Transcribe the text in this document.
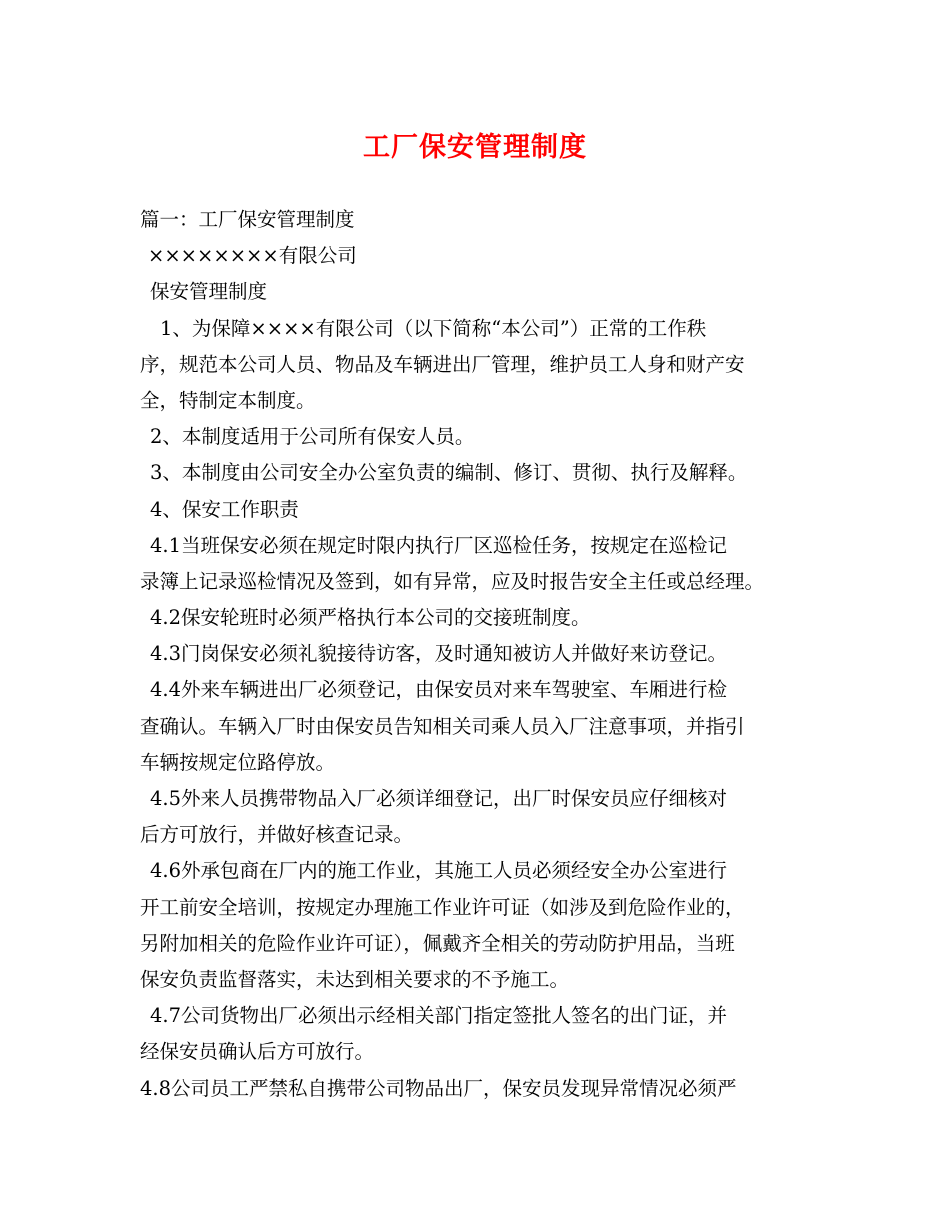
工厂保安管理制度
篇一：工厂保安管理制度
××××××××有限公司
保安管理制度
1、为保障××××有限公司（以下简称“本公司”）正常的工作秩
序，规范本公司人员、物品及车辆进出厂管理，维护员工人身和财产安
全，特制定本制度。
2、本制度适用于公司所有保安人员。
3、本制度由公司安全办公室负责的编制、修订、贯彻、执行及解释。
4、保安工作职责
4.1当班保安必须在规定时限内执行厂区巡检任务，按规定在巡检记
录簿上记录巡检情况及签到，如有异常，应及时报告安全主任或总经理。
4.2保安轮班时必须严格执行本公司的交接班制度。
4.3门岗保安必须礼貌接待访客，及时通知被访人并做好来访登记。
4.4外来车辆进出厂必须登记，由保安员对来车驾驶室、车厢进行检
查确认。车辆入厂时由保安员告知相关司乘人员入厂注意事项，并指引
车辆按规定位路停放。
4.5外来人员携带物品入厂必须详细登记，出厂时保安员应仔细核对
后方可放行，并做好核查记录。
4.6外承包商在厂内的施工作业，其施工人员必须经安全办公室进行
开工前安全培训，按规定办理施工作业许可证（如涉及到危险作业的，
另附加相关的危险作业许可证），佩戴齐全相关的劳动防护用品，当班
保安负责监督落实，未达到相关要求的不予施工。
4.7公司货物出厂必须出示经相关部门指定签批人签名的出门证，并
经保安员确认后方可放行。
4.8公司员工严禁私自携带公司物品出厂，保安员发现异常情况必须严
